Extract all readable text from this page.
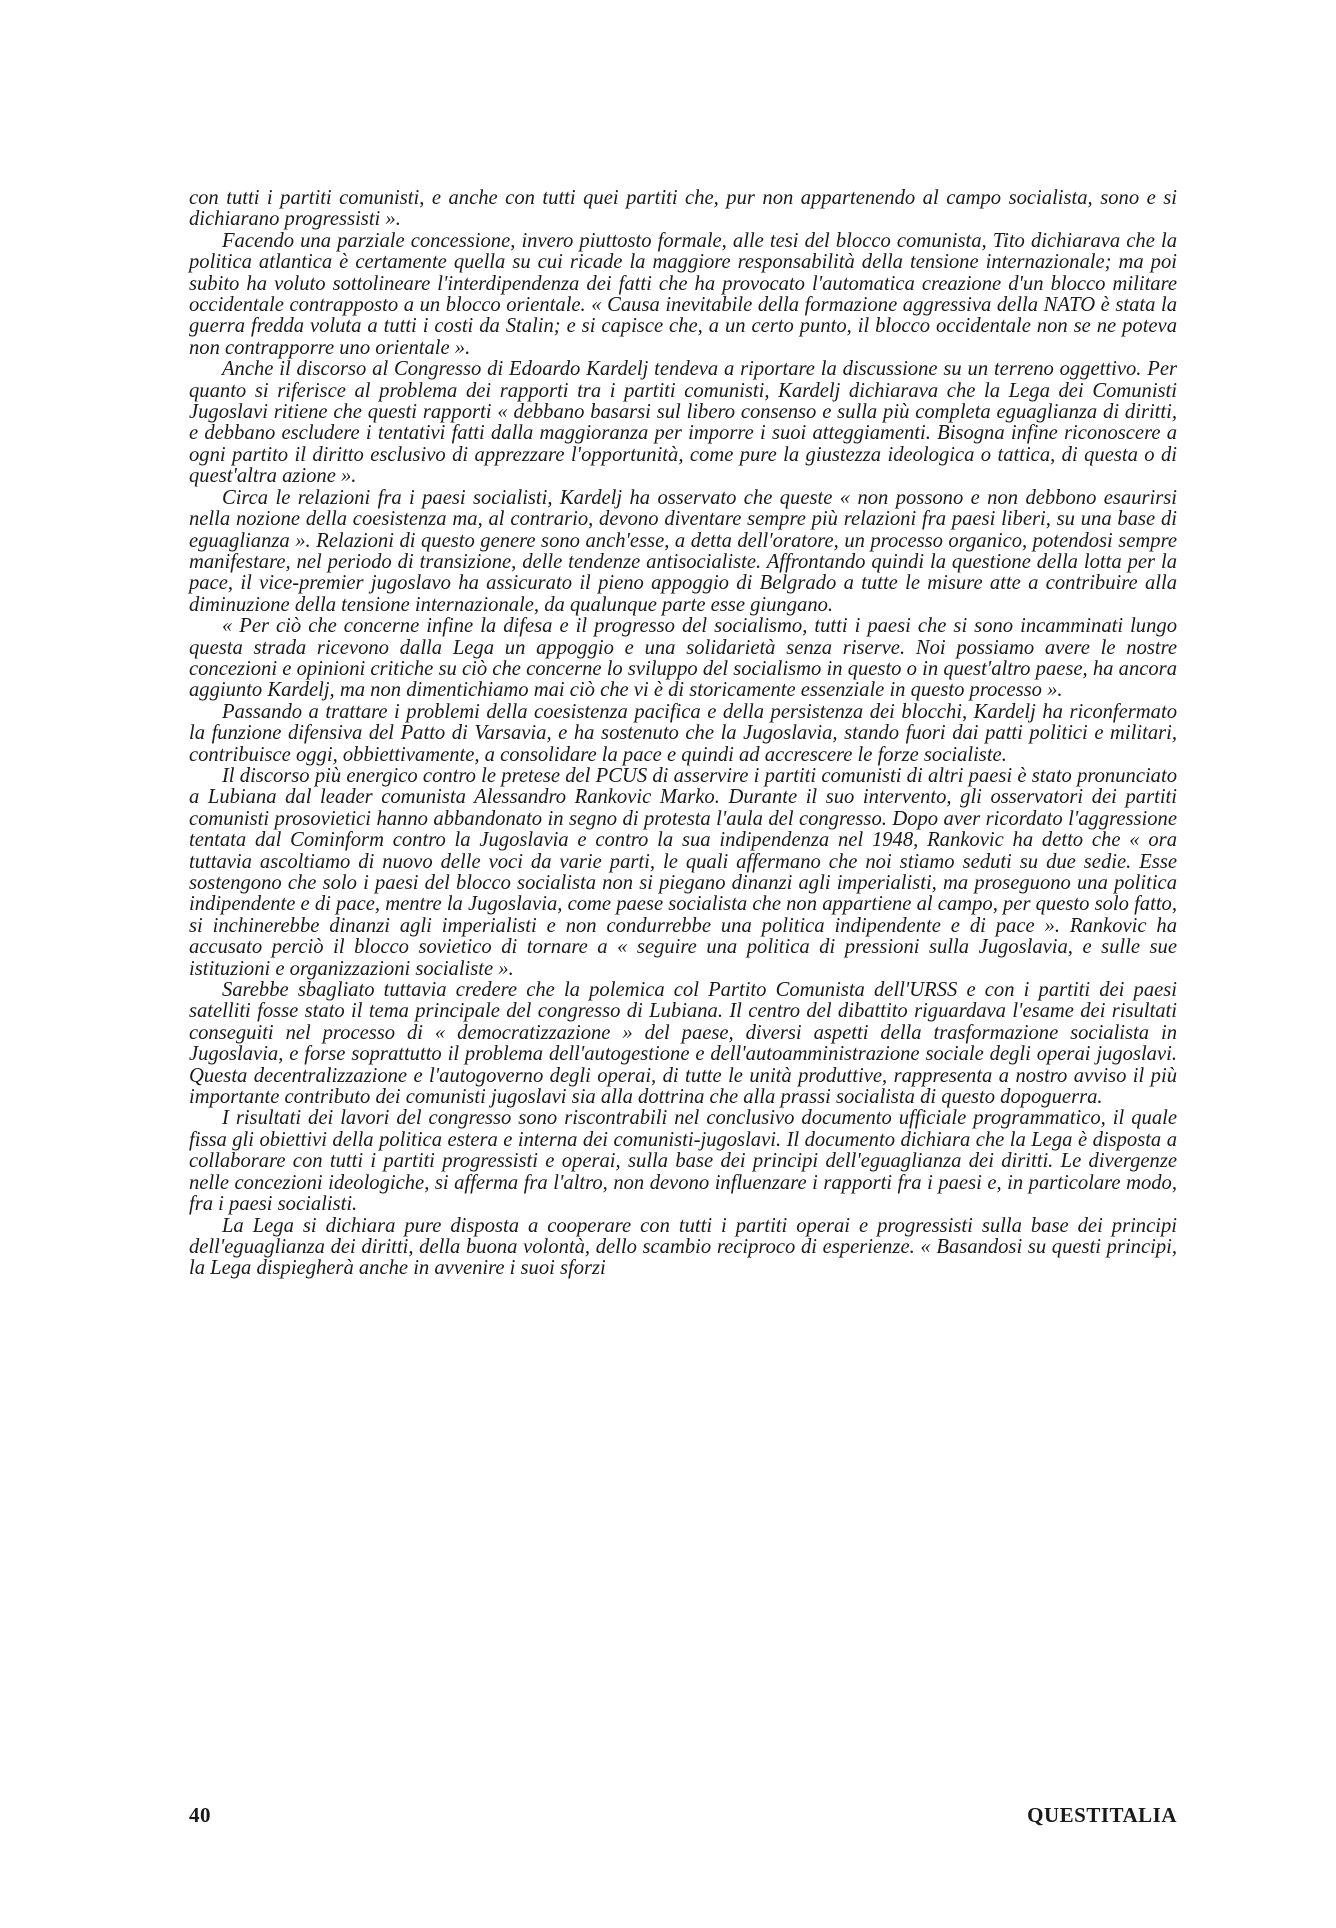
con tutti i partiti comunisti, e anche con tutti quei partiti che, pur non appartenendo al campo socialista, sono e si dichiarano progressisti ».

Facendo una parziale concessione, invero piuttosto formale, alle tesi del blocco comunista, Tito dichiarava che la politica atlantica è certamente quella su cui ricade la maggiore responsabilità della tensione internazionale; ma poi subito ha voluto sottolineare l'interdipendenza dei fatti che ha provocato l'automatica creazione d'un blocco militare occidentale contrapposto a un blocco orientale. « Causa inevitabile della formazione aggressiva della NATO è stata la guerra fredda voluta a tutti i costi da Stalin; e si capisce che, a un certo punto, il blocco occidentale non se ne poteva non contrapporre uno orientale ».

Anche il discorso al Congresso di Edoardo Kardelj tendeva a riportare la discussione su un terreno oggettivo. Per quanto si riferisce al problema dei rapporti tra i partiti comunisti, Kardelj dichiarava che la Lega dei Comunisti Jugoslavi ritiene che questi rapporti « debbano basarsi sul libero consenso e sulla più completa eguaglianza di diritti, e debbano escludere i tentativi fatti dalla maggioranza per imporre i suoi atteggiamenti. Bisogna infine riconoscere a ogni partito il diritto esclusivo di apprezzare l'opportunità, come pure la giustezza ideologica o tattica, di questa o di quest'altra azione ».

Circa le relazioni fra i paesi socialisti, Kardelj ha osservato che queste « non possono e non debbono esaurirsi nella nozione della coesistenza ma, al contrario, devono diventare sempre più relazioni fra paesi liberi, su una base di eguaglianza ». Relazioni di questo genere sono anch'esse, a detta dell'oratore, un processo organico, potendosi sempre manifestare, nel periodo di transizione, delle tendenze antisocialiste. Affrontando quindi la questione della lotta per la pace, il vice-premier jugoslavo ha assicurato il pieno appoggio di Belgrado a tutte le misure atte a contribuire alla diminuzione della tensione internazionale, da qualunque parte esse giungano.

« Per ciò che concerne infine la difesa e il progresso del socialismo, tutti i paesi che si sono incamminati lungo questa strada ricevono dalla Lega un appoggio e una solidarietà senza riserve. Noi possiamo avere le nostre concezioni e opinioni critiche su ciò che concerne lo sviluppo del socialismo in questo o in quest'altro paese, ha ancora aggiunto Kardelj, ma non dimentichiamo mai ciò che vi è di storicamente essenziale in questo processo ».

Passando a trattare i problemi della coesistenza pacifica e della persistenza dei blocchi, Kardelj ha riconfermato la funzione difensiva del Patto di Varsavia, e ha sostenuto che la Jugoslavia, stando fuori dai patti politici e militari, contribuisce oggi, obbiettivamente, a consolidare la pace e quindi ad accrescere le forze socialiste.

Il discorso più energico contro le pretese del PCUS di asservire i partiti comunisti di altri paesi è stato pronunciato a Lubiana dal leader comunista Alessandro Rankovic Marko. Durante il suo intervento, gli osservatori dei partiti comunisti prosovietici hanno abbandonato in segno di protesta l'aula del congresso. Dopo aver ricordato l'aggressione tentata dal Cominform contro la Jugoslavia e contro la sua indipendenza nel 1948, Rankovic ha detto che « ora tuttavia ascoltiamo di nuovo delle voci da varie parti, le quali affermano che noi stiamo seduti su due sedie. Esse sostengono che solo i paesi del blocco socialista non si piegano dinanzi agli imperialisti, ma proseguono una politica indipendente e di pace, mentre la Jugoslavia, come paese socialista che non appartiene al campo, per questo solo fatto, si inchinerebbe dinanzi agli imperialisti e non condurrebbe una politica indipendente e di pace ». Rankovic ha accusato perciò il blocco sovietico di tornare a « seguire una politica di pressioni sulla Jugoslavia, e sulle sue istituzioni e organizzazioni socialiste ».

Sarebbe sbagliato tuttavia credere che la polemica col Partito Comunista dell'URSS e con i partiti dei paesi satelliti fosse stato il tema principale del congresso di Lubiana. Il centro del dibattito riguardava l'esame dei risultati conseguiti nel processo di « democratizzazione » del paese, diversi aspetti della trasformazione socialista in Jugoslavia, e forse soprattutto il problema dell'autogestione e dell'autoamministrazione sociale degli operai jugoslavi. Questa decentralizzazione e l'autogoverno degli operai, di tutte le unità produttive, rappresenta a nostro avviso il più importante contributo dei comunisti jugoslavi sia alla dottrina che alla prassi socialista di questo dopoguerra.

I risultati dei lavori del congresso sono riscontrabili nel conclusivo documento ufficiale programmatico, il quale fissa gli obiettivi della politica estera e interna dei comunisti-jugoslavi. Il documento dichiara che la Lega è disposta a collaborare con tutti i partiti progressisti e operai, sulla base dei principi dell'eguaglianza dei diritti. Le divergenze nelle concezioni ideologiche, si afferma fra l'altro, non devono influenzare i rapporti fra i paesi e, in particolare modo, fra i paesi socialisti.

La Lega si dichiara pure disposta a cooperare con tutti i partiti operai e progressisti sulla base dei principi dell'eguaglianza dei diritti, della buona volontà, dello scambio reciproco di esperienze. « Basandosi su questi principi, la Lega dispiegherà anche in avvenire i suoi sforzi

40	QUESTITALIA
